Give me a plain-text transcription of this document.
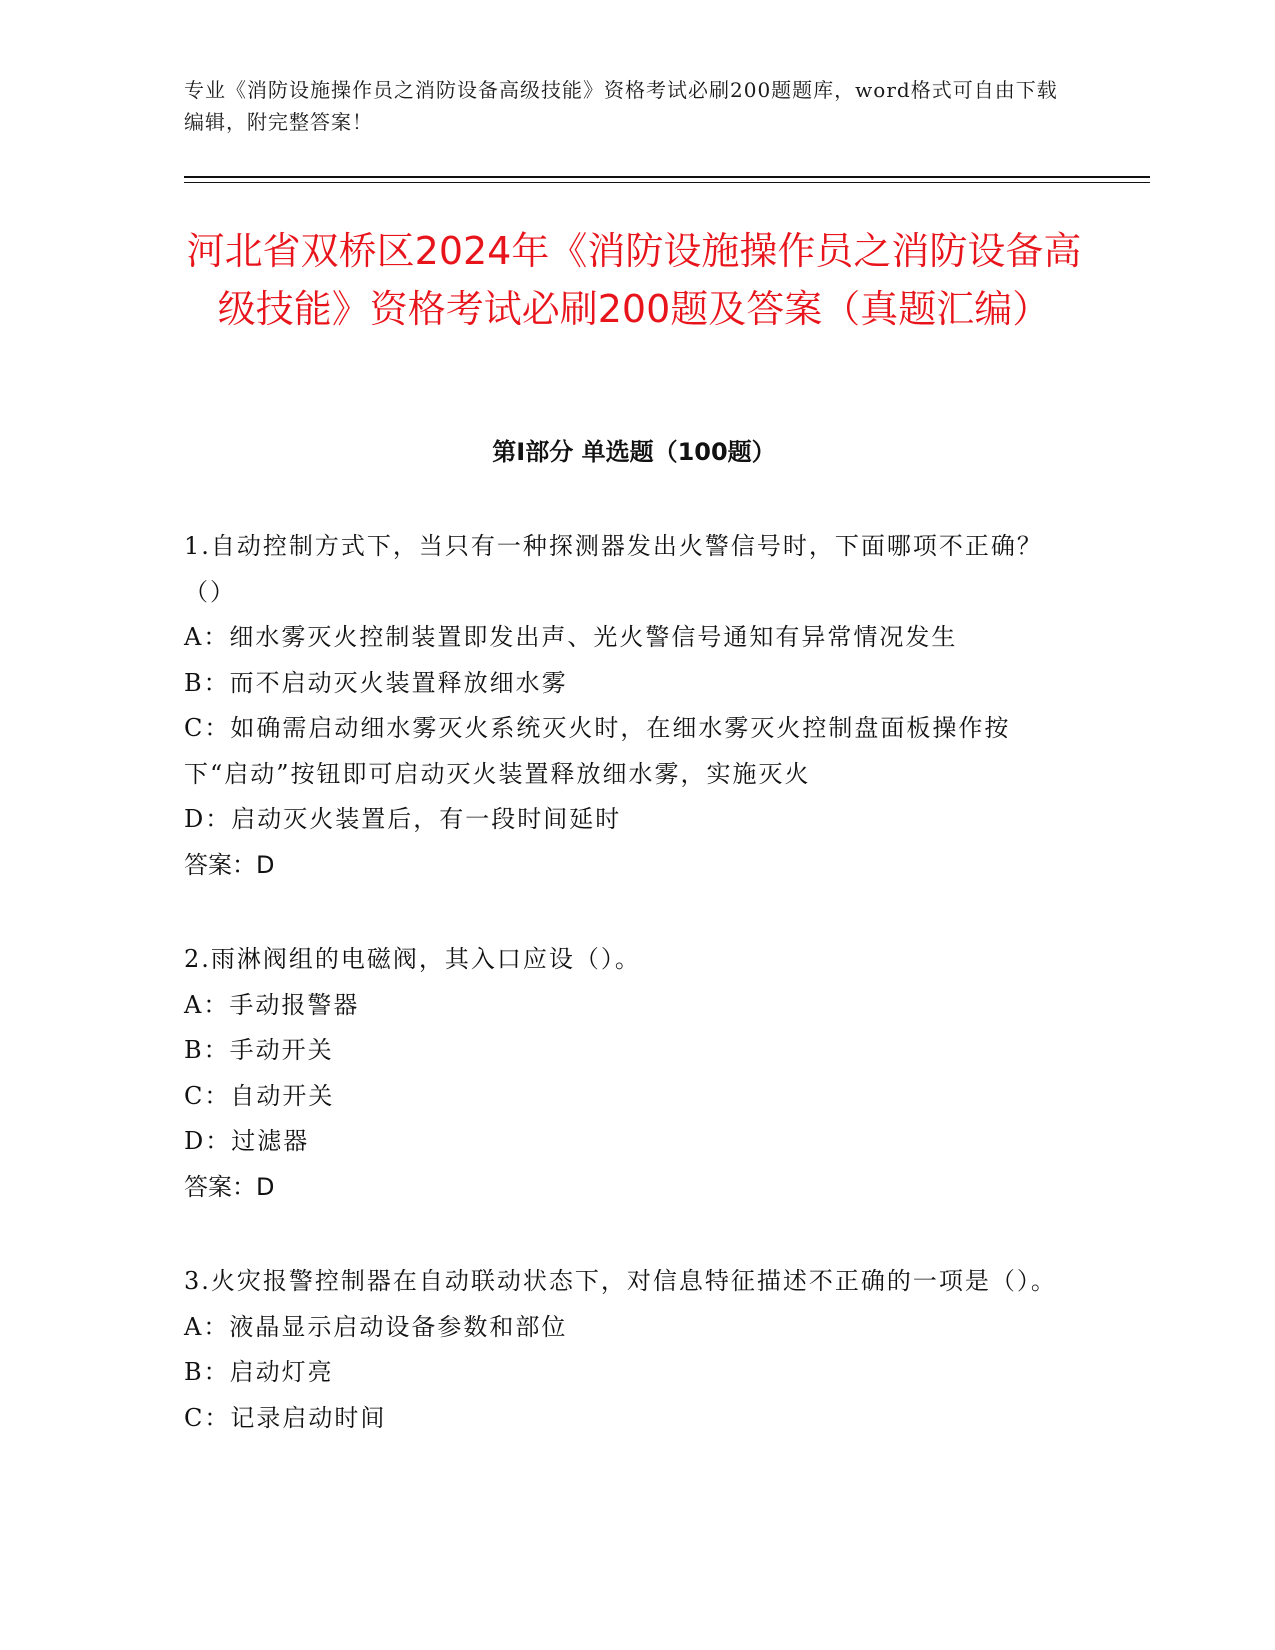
专业《消防设施操作员之消防设备高级技能》资格考试必刷200题题库，word格式可自由下载编辑，附完整答案！
河北省双桥区2024年《消防设施操作员之消防设备高级技能》资格考试必刷200题及答案（真题汇编）
第I部分 单选题（100题）
1.自动控制方式下，当只有一种探测器发出火警信号时，下面哪项不正确？（）
A：细水雾灭火控制装置即发出声、光火警信号通知有异常情况发生
B：而不启动灭火装置释放细水雾
C：如确需启动细水雾灭火系统灭火时，在细水雾灭火控制盘面板操作按下“启动”按钮即可启动灭火装置释放细水雾，实施灭火
D：启动灭火装置后，有一段时间延时
答案：D
2.雨淋阀组的电磁阀，其入口应设（）。
A：手动报警器
B：手动开关
C：自动开关
D：过滤器
答案：D
3.火灾报警控制器在自动联动状态下，对信息特征描述不正确的一项是（）。
A：液晶显示启动设备参数和部位
B：启动灯亮
C：记录启动时间
